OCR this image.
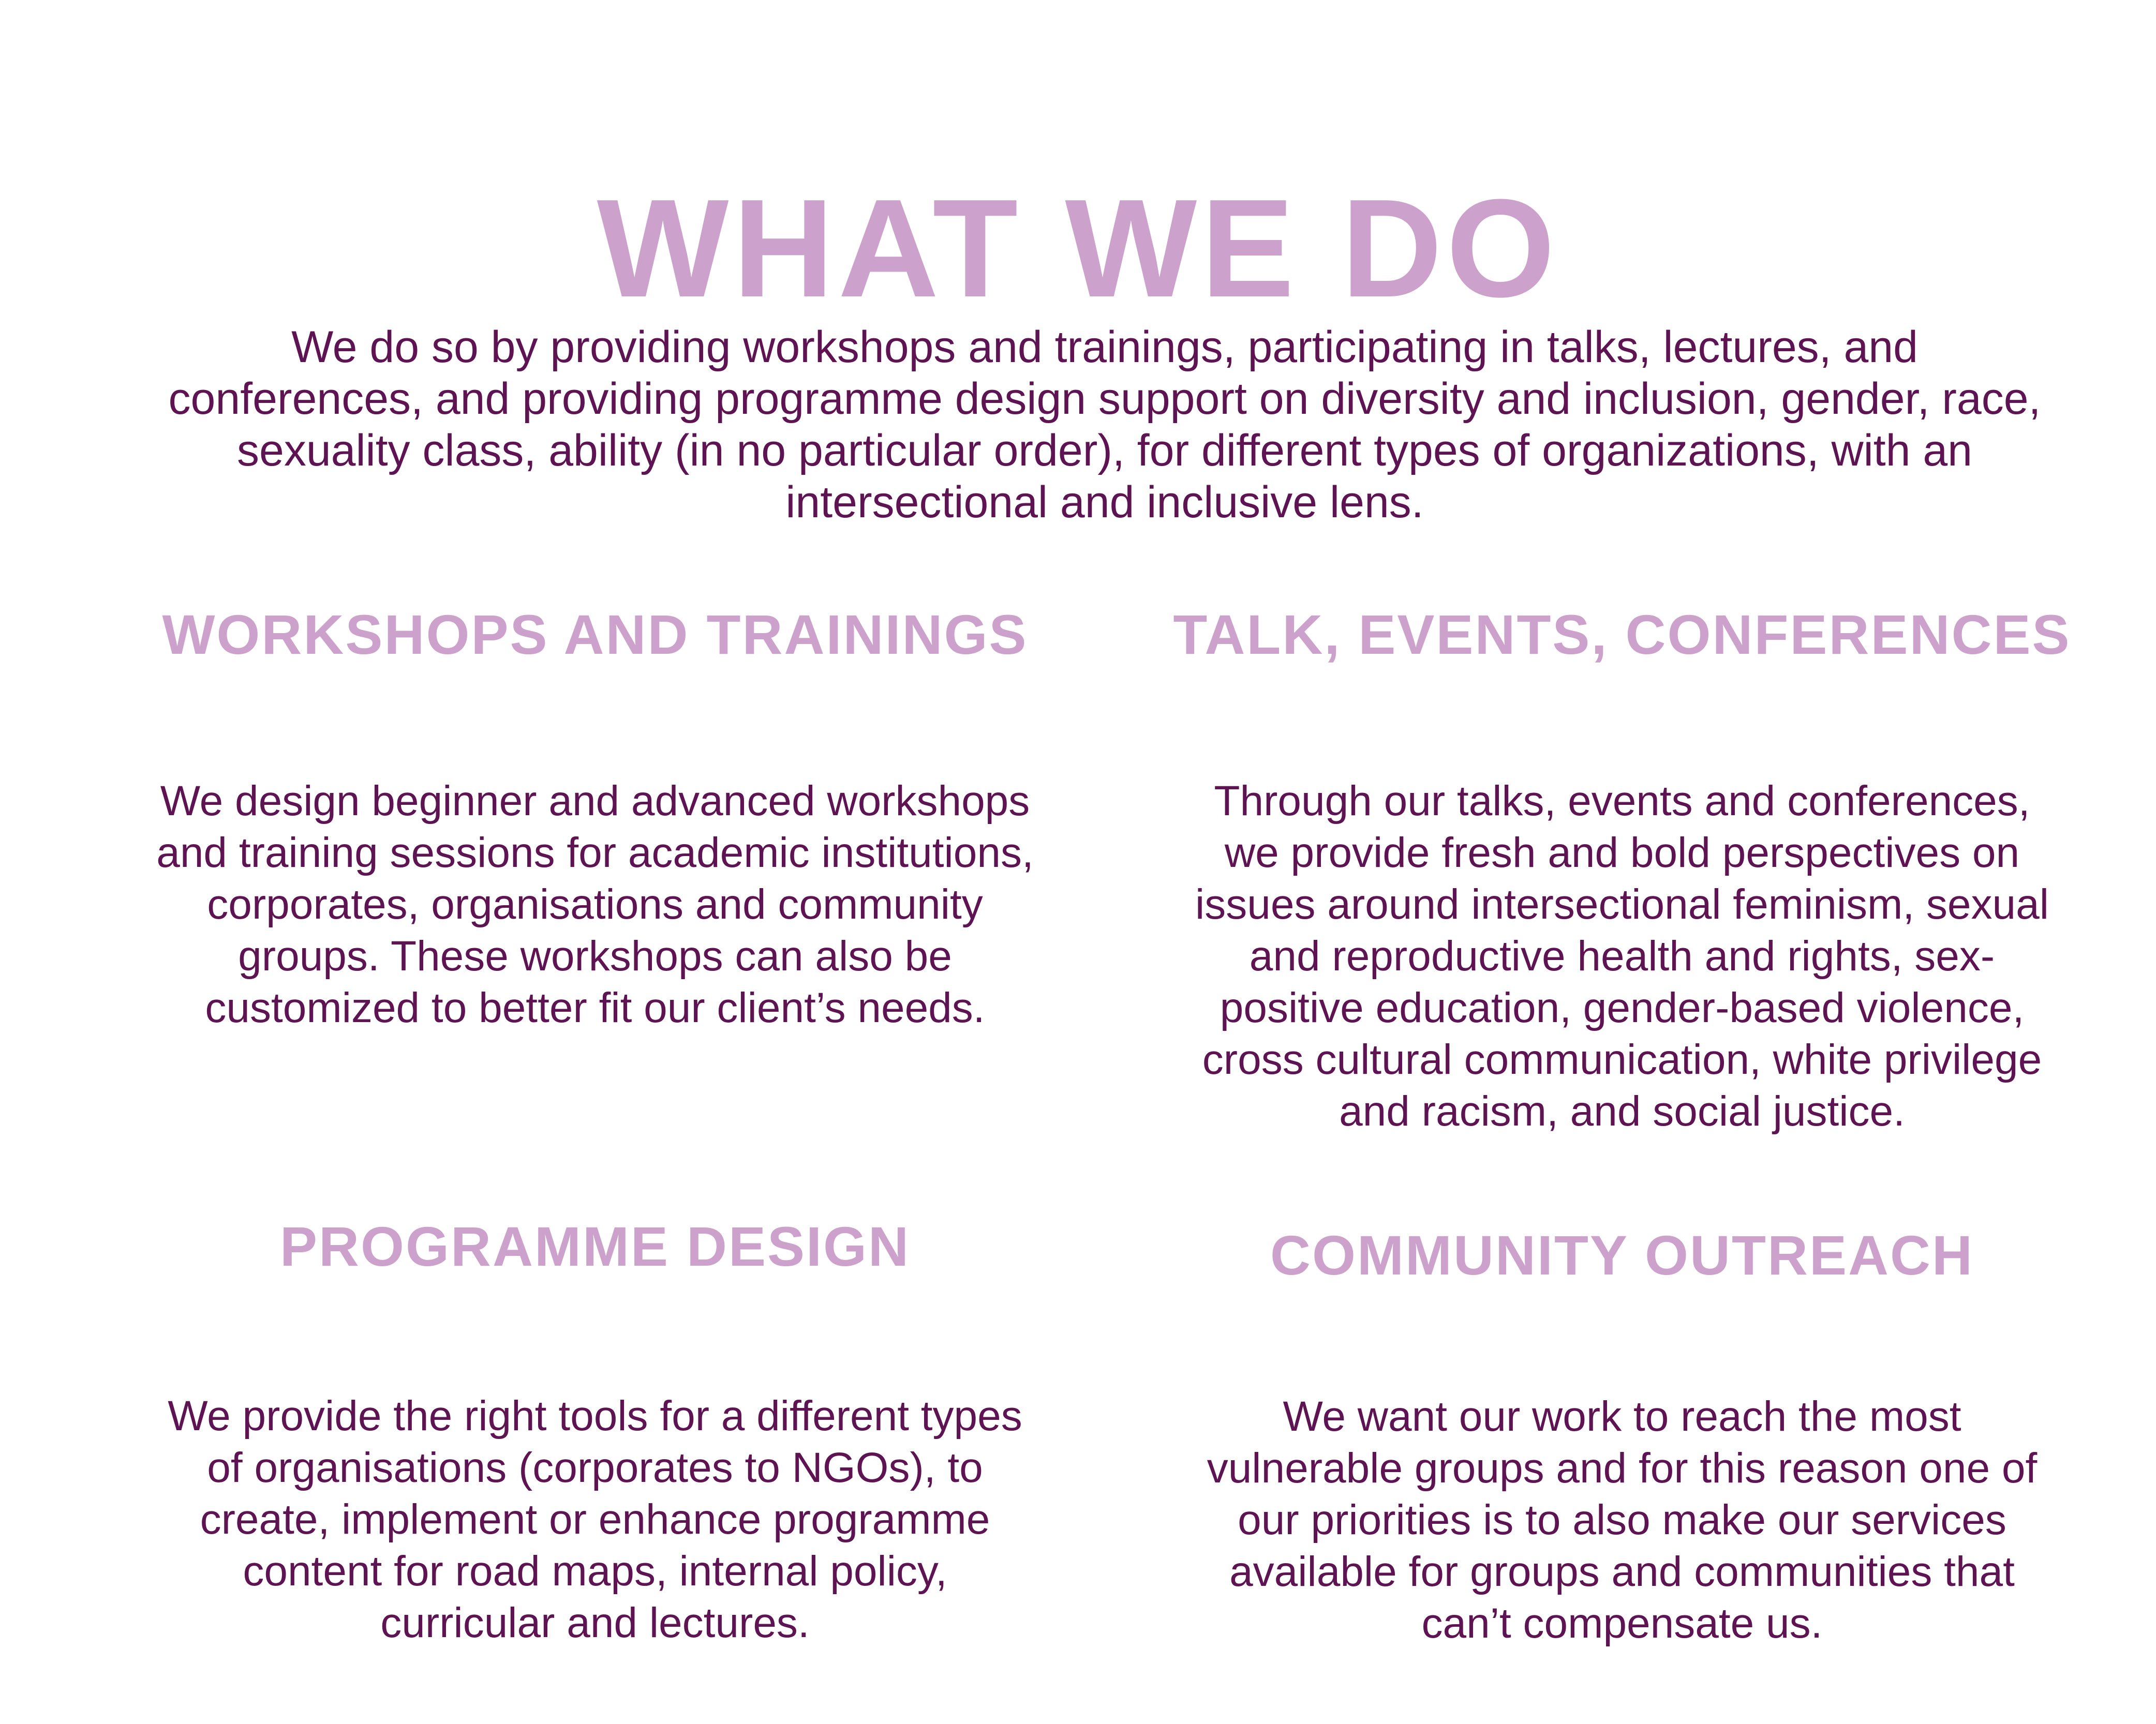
WHAT WE DO

We do so by providing workshops and trainings, participating in talks, lectures, and conferences, and providing programme design support on diversity and inclusion, gender, race, sexuality class, ability (in no particular order), for different types of organizations, with an intersectional and inclusive lens.

WORKSHOPS AND TRAININGS

We design beginner and advanced workshops and training sessions for academic institutions, corporates, organisations and community groups. These workshops can also be customized to better fit our client’s needs.

TALK, EVENTS, CONFERENCES

Through our talks, events and conferences, we provide fresh and bold perspectives on issues around intersectional feminism, sexual and reproductive health and rights, sex-positive education, gender-based violence, cross cultural communication, white privilege and racism, and social justice.

PROGRAMME DESIGN

We provide the right tools for a different types of organisations (corporates to NGOs), to create, implement or enhance programme content for road maps, internal policy, curricular and lectures.

COMMUNITY OUTREACH

We want our work to reach the most vulnerable groups and for this reason one of our priorities is to also make our services available for groups and communities that can’t compensate us.
